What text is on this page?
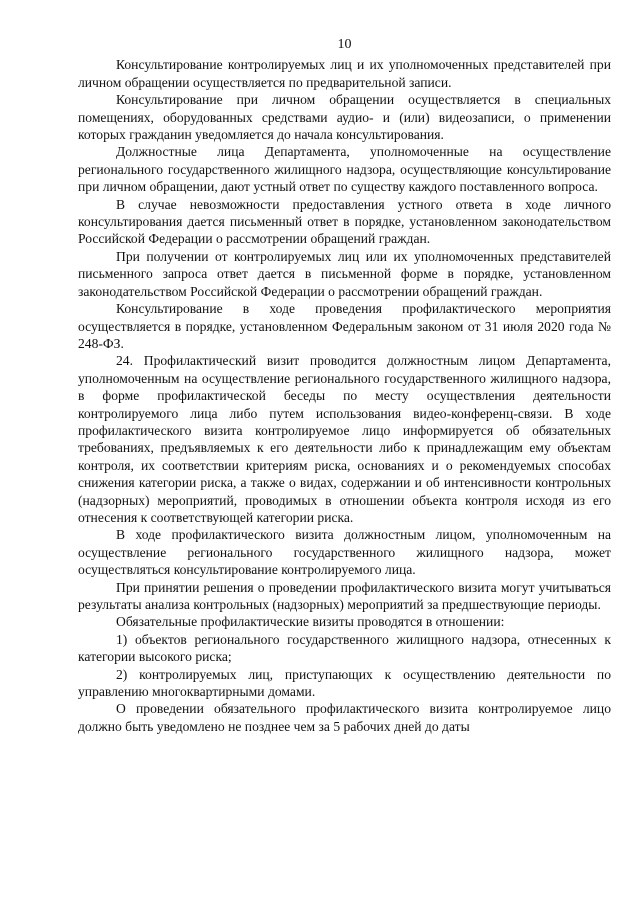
10

Консультирование контролируемых лиц и их уполномоченных представителей при личном обращении осуществляется по предварительной записи.

Консультирование при личном обращении осуществляется в специальных помещениях, оборудованных средствами аудио- и (или) видеозаписи, о применении которых гражданин уведомляется до начала консультирования.

Должностные лица Департамента, уполномоченные на осуществление регионального государственного жилищного надзора, осуществляющие консультирование при личном обращении, дают устный ответ по существу каждого поставленного вопроса.

В случае невозможности предоставления устного ответа в ходе личного консультирования дается письменный ответ в порядке, установленном законодательством Российской Федерации о рассмотрении обращений граждан.

При получении от контролируемых лиц или их уполномоченных представителей письменного запроса ответ дается в письменной форме в порядке, установленном законодательством Российской Федерации о рассмотрении обращений граждан.

Консультирование в ходе проведения профилактического мероприятия осуществляется в порядке, установленном Федеральным законом от 31 июля 2020 года № 248-ФЗ.

24. Профилактический визит проводится должностным лицом Департамента, уполномоченным на осуществление регионального государственного жилищного надзора, в форме профилактической беседы по месту осуществления деятельности контролируемого лица либо путем использования видео-конференц-связи. В ходе профилактического визита контролируемое лицо информируется об обязательных требованиях, предъявляемых к его деятельности либо к принадлежащим ему объектам контроля, их соответствии критериям риска, основаниях и о рекомендуемых способах снижения категории риска, а также о видах, содержании и об интенсивности контрольных (надзорных) мероприятий, проводимых в отношении объекта контроля исходя из его отнесения к соответствующей категории риска.

В ходе профилактического визита должностным лицом, уполномоченным на осуществление регионального государственного жилищного надзора, может осуществляться консультирование контролируемого лица.

При принятии решения о проведении профилактического визита могут учитываться результаты анализа контрольных (надзорных) мероприятий за предшествующие периоды.

Обязательные профилактические визиты проводятся в отношении:

1) объектов регионального государственного жилищного надзора, отнесенных к категории высокого риска;

2) контролируемых лиц, приступающих к осуществлению деятельности по управлению многоквартирными домами.

О проведении обязательного профилактического визита контролируемое лицо должно быть уведомлено не позднее чем за 5 рабочих дней до даты
